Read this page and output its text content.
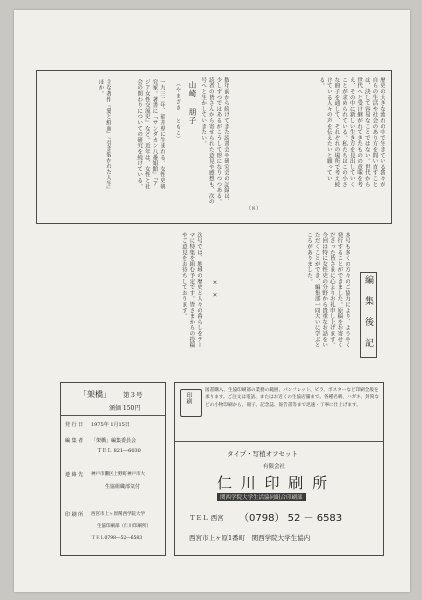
歴史の大きな流れの中で生きている我々が自らの生活や社会のあり方を問い直すことは、決して容易なことではない。世代から世代へと受け継がれてきたものの意味を考え、その中に新しい生き方を見出していくことが求められている。私たちはこの小さな冊子を通して、それぞれの場所で考え続けている人々の声を伝えたいと願っている。
数年前から続けてきた読書会や研究会の記録は、少しずつではあるがこうして形になりつつある。読者の皆さんから寄せられた意見や感想も、次の号へと生かしていきたい。
（８）
山崎 朋子
（やまざき ともこ）
一九三二年、福井県に生まれる。女性史研究家。著書に『サンダカン八番娼館』『アジア女性交流史』など。近年は、女性と社会の関わりについての研究を続けている。
主な著作『愛と鮮血』『引き裂かれた人生』ほか。
本号も多くの方々のご協力により、ようやく発行することができました。原稿をお寄せくださった皆さまに心よりお礼申し上げます。今回は特に女性史の分野から貴重なお話をいただくことができ、編集部一同大いに学ぶところがありました。
編 集 後 記
× ×
次号では、地域の歴史と人々の暮らしをテーマに特集を組む予定です。皆さまからの投稿やご意見をお待ちしております。
「架橋」 第３号
頒価 150円
発 行 日 1975年 1月15日
編 集 者 「架橋」編集委員会
ＴＥＬ 821―6030
連 絡 先 神戸市灘区上野町神戸市大
生協組織部気付
印 刷 所 西宮市上ヶ原関西学院大学
生協印刷部（仁川印刷所）
ＴＥＬ0798―52―6583
印刷
図書購入、生協印刷部の業務の範囲、パンフレット、ビラ、ポスターなど印刷全般を承ります。ご注文は電話、またはお近くの生協店舗まで。各種名刺、ハガキ、封筒などの小物印刷から、冊子、記念誌、報告書等まで迅速・丁寧に仕上げます。
タイプ・写植オフセット
有限会社
仁 川 印 刷 所
関西学院大学生活協同組合印刷部
ＴＥＬ 西宮 （0798） 52 － 6583
西宮市上ヶ原1番町　関西学院大学生協内
